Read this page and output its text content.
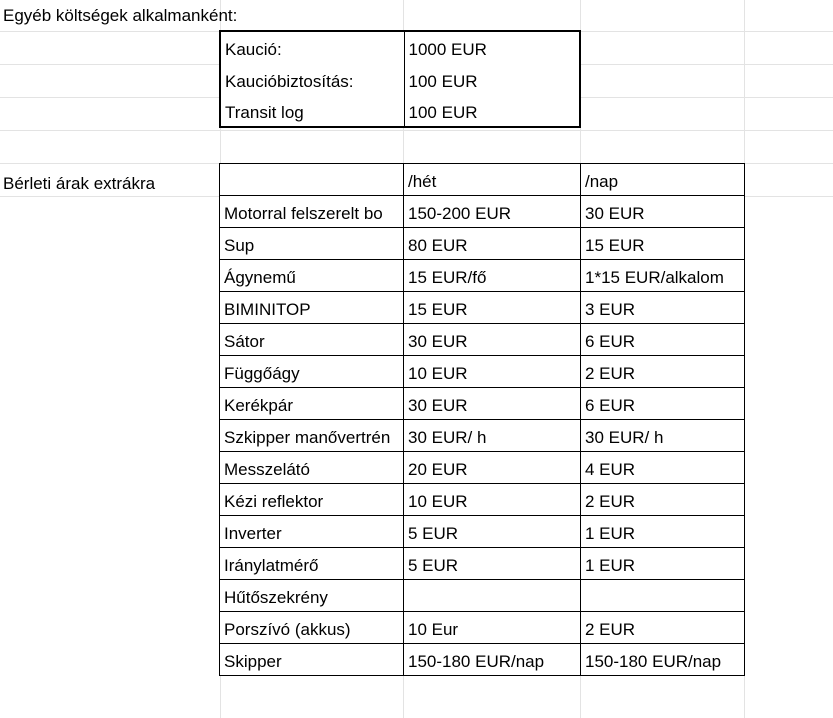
Egyéb költségek alkalmanként:
Kaució:	1000 EUR
Kaucióbiztosítás:	100 EUR
Transit log	100 EUR
Bérleti árak extrákra
		/hét	/nap
Motorral felszerelt bo	150-200 EUR	30 EUR
Sup	80 EUR	15 EUR
Ágynemű	15 EUR/fő	1*15 EUR/alkalom
BIMINITOP	15 EUR	3 EUR
Sátor	30 EUR	6 EUR
Függőágy	10 EUR	2 EUR
Kerékpár	30 EUR	6 EUR
Szkipper manővertrén	30 EUR/ h	30 EUR/ h
Messzelátó	20 EUR	4 EUR
Kézi reflektor	10 EUR	2 EUR
Inverter	5 EUR	1 EUR
Iránylatmérő	5 EUR	1 EUR
Hűtőszekrény		
Porszívó (akkus)	10 Eur	2 EUR
Skipper	150-180 EUR/nap	150-180 EUR/nap
